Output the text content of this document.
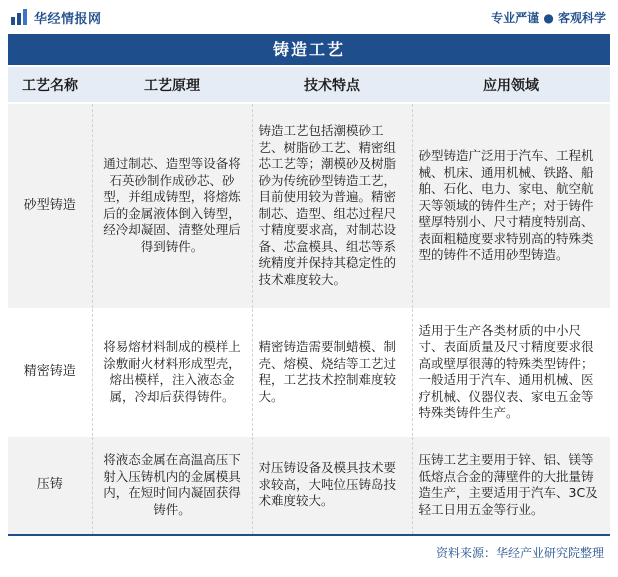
华经情报网	专业严谨 ● 客观科学
铸造工艺
工艺名称	工艺原理	技术特点	应用领域
砂型铸造	通过制芯、造型等设备将石英砂制作成砂芯、砂型，并组成铸型，将熔炼后的金属液体倒入铸型，经冷却凝固、清整处理后得到铸件。	铸造工艺包括潮模砂工艺、树脂砂工艺、精密组芯工艺等；潮模砂及树脂砂为传统砂型铸造工艺，目前使用较为普遍。精密制芯、造型、组芯过程尺寸精度要求高，对制芯设备、芯盒模具、组芯等系统精度并保持其稳定性的技术难度较大。	砂型铸造广泛用于汽车、工程机械、机床、通用机械、铁路、船舶、石化、电力、家电、航空航天等领域的铸件生产；对于铸件壁厚特别小、尺寸精度特别高、表面粗糙度要求特别高的特殊类型的铸件不适用砂型铸造。
精密铸造	将易熔材料制成的模样上涂敷耐火材料形成型壳，熔出模样，注入液态金属，冷却后获得铸件。	精密铸造需要制蜡模、制壳、熔模、烧结等工艺过程，工艺技术控制难度较大。	适用于生产各类材质的中小尺寸、表面质量及尺寸精度要求很高或壁厚很薄的特殊类型铸件；一般适用于汽车、通用机械、医疗机械、仪器仪表、家电五金等特殊类铸件生产。
压铸	将液态金属在高温高压下射入压铸机内的金属模具内，在短时间内凝固获得铸件。	对压铸设备及模具技术要求较高，大吨位压铸岛技术难度较大。	压铸工艺主要用于锌、铝、镁等低熔点合金的薄壁件的大批量铸造生产，主要适用于汽车、3C及轻工日用五金等行业。
资料来源：华经产业研究院整理
